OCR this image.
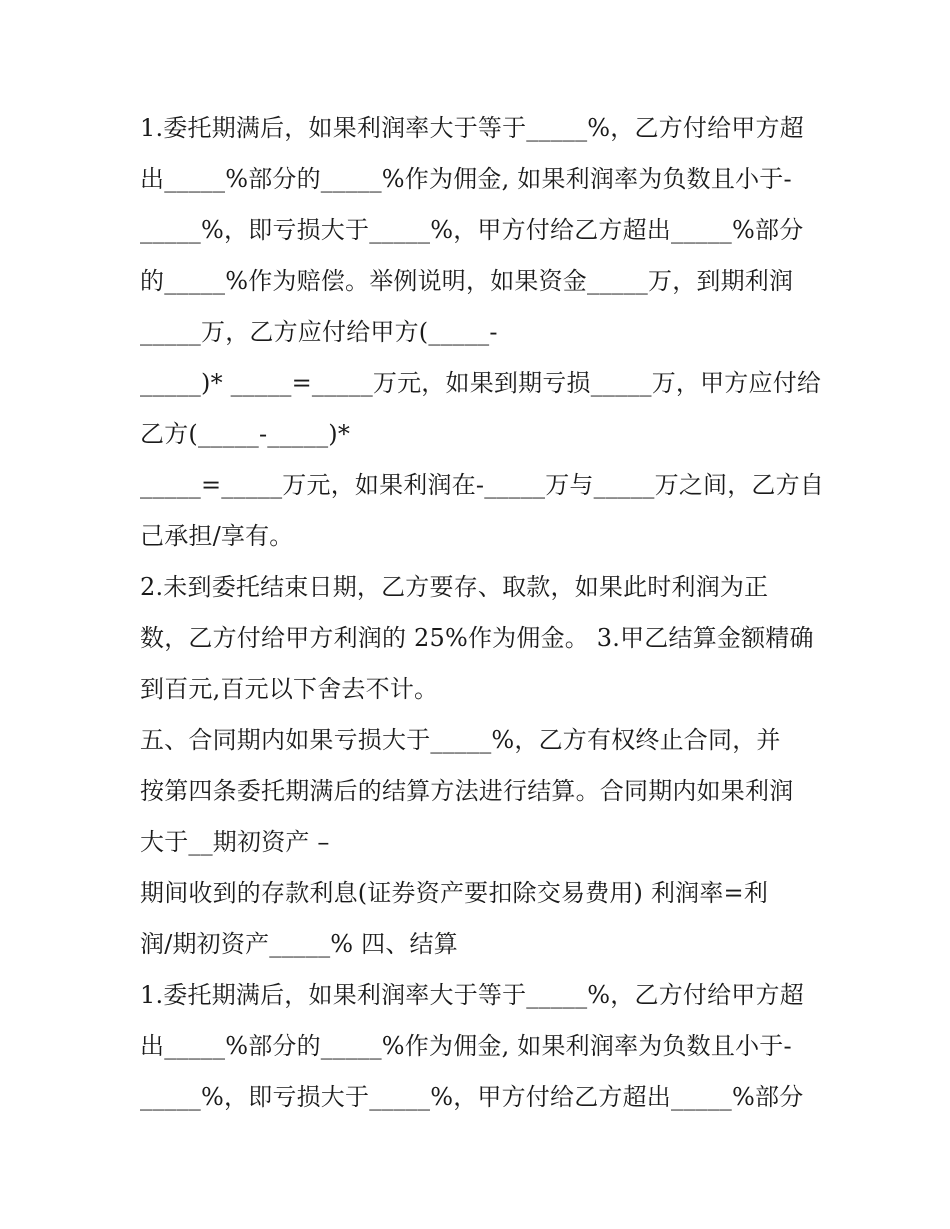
1.委托期满后，如果利润率大于等于_____%，乙方付给甲方超
出_____%部分的_____%作为佣金, 如果利润率为负数且小于-
_____%，即亏损大于_____%，甲方付给乙方超出_____%部分
的_____%作为赔偿。举例说明，如果资金_____万，到期利润
_____万，乙方应付给甲方(_____-
_____)* _____=_____万元，如果到期亏损_____万，甲方应付给
乙方(_____-_____)*
_____=_____万元，如果利润在-_____万与_____万之间，乙方自
己承担/享有。
2.未到委托结束日期，乙方要存、取款，如果此时利润为正
数，乙方付给甲方利润的 25%作为佣金。 3.甲乙结算金额精确
到百元,百元以下舍去不计。
五、合同期内如果亏损大于_____%，乙方有权终止合同，并
按第四条委托期满后的结算方法进行结算。合同期内如果利润
大于__期初资产 –
期间收到的存款利息(证券资产要扣除交易费用) 利润率=利
润/期初资产_____% 四、结算
1.委托期满后，如果利润率大于等于_____%，乙方付给甲方超
出_____%部分的_____%作为佣金, 如果利润率为负数且小于-
_____%，即亏损大于_____%，甲方付给乙方超出_____%部分
